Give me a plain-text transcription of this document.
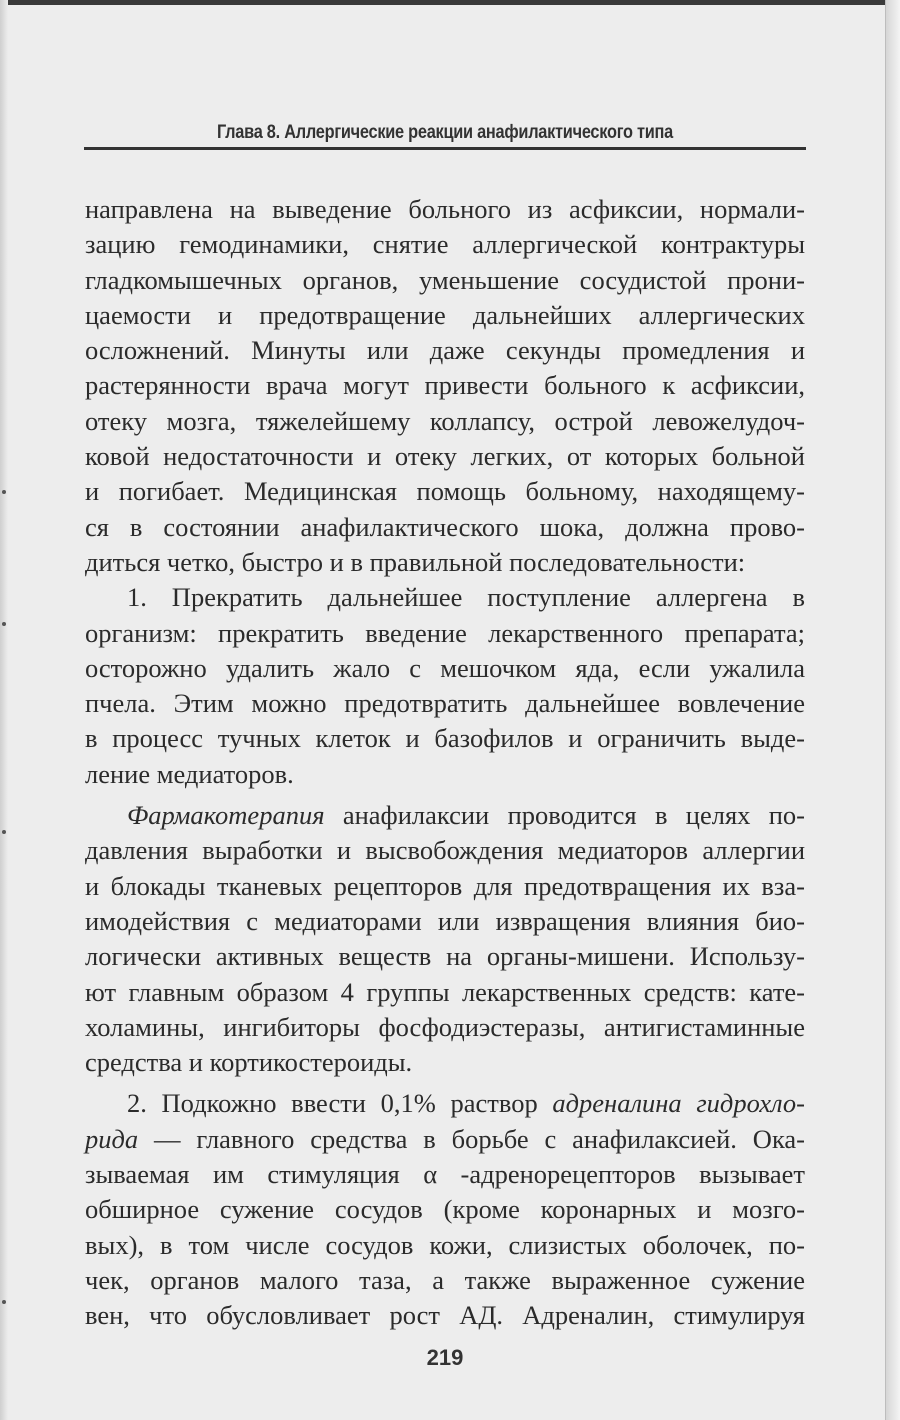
Глава 8. Аллергические реакции анафилактического типа
направлена на выведение больного из асфиксии, нормали-
зацию гемодинамики, снятие аллергической контрактуры
гладкомышечных органов, уменьшение сосудистой прони-
цаемости и предотвращение дальнейших аллергических
осложнений. Минуты или даже секунды промедления и
растерянности врача могут привести больного к асфиксии,
отеку мозга, тяжелейшему коллапсу, острой левожелудоч-
ковой недостаточности и отеку легких, от которых больной
и погибает. Медицинская помощь больному, находящему-
ся в состоянии анафилактического шока, должна прово-
диться четко, быстро и в правильной последовательности:
1. Прекратить дальнейшее поступление аллергена в
организм: прекратить введение лекарственного препарата;
осторожно удалить жало с мешочком яда, если ужалила
пчела. Этим можно предотвратить дальнейшее вовлечение
в процесс тучных клеток и базофилов и ограничить выде-
ление медиаторов.
Фармакотерапия анафилаксии проводится в целях по-
давления выработки и высвобождения медиаторов аллергии
и блокады тканевых рецепторов для предотвращения их вза-
имодействия с медиаторами или извращения влияния био-
логически активных веществ на органы-мишени. Использу-
ют главным образом 4 группы лекарственных средств: кате-
холамины, ингибиторы фосфодиэстеразы, антигистаминные
средства и кортикостероиды.
2. Подкожно ввести 0,1% раствор адреналина гидрохло-
рида — главного средства в борьбе с анафилаксией. Ока-
зываемая им стимуляция α -адренорецепторов вызывает
обширное сужение сосудов (кроме коронарных и мозго-
вых), в том числе сосудов кожи, слизистых оболочек, по-
чек, органов малого таза, а также выраженное сужение
вен, что обусловливает рост АД. Адреналин, стимулируя
219
